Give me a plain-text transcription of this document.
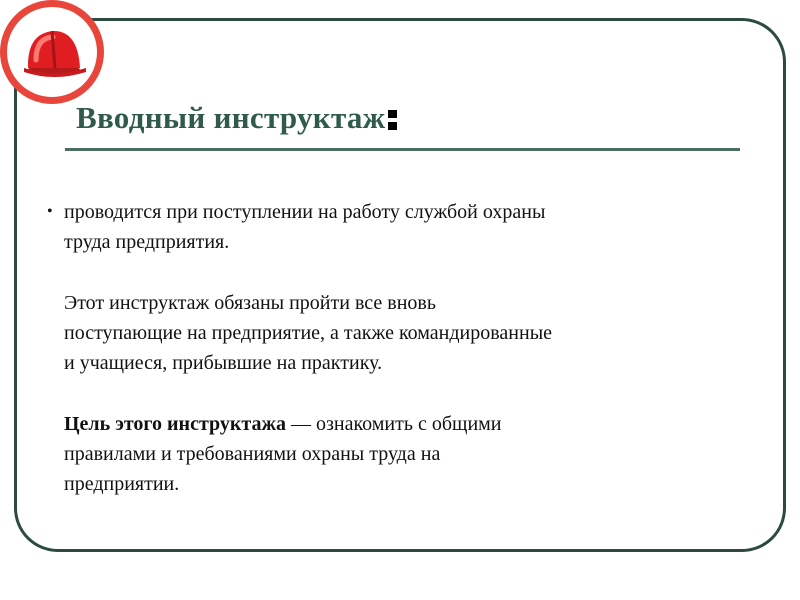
Вводный инструктаж
• проводится при поступлении на работу службой охраны
труда предприятия.
Этот инструктаж обязаны пройти все вновь
поступающие на предприятие, а также командированные
и учащиеся, прибывшие на практику.
Цель этого инструктажа — ознакомить с общими
правилами и требованиями охраны труда на
предприятии.
